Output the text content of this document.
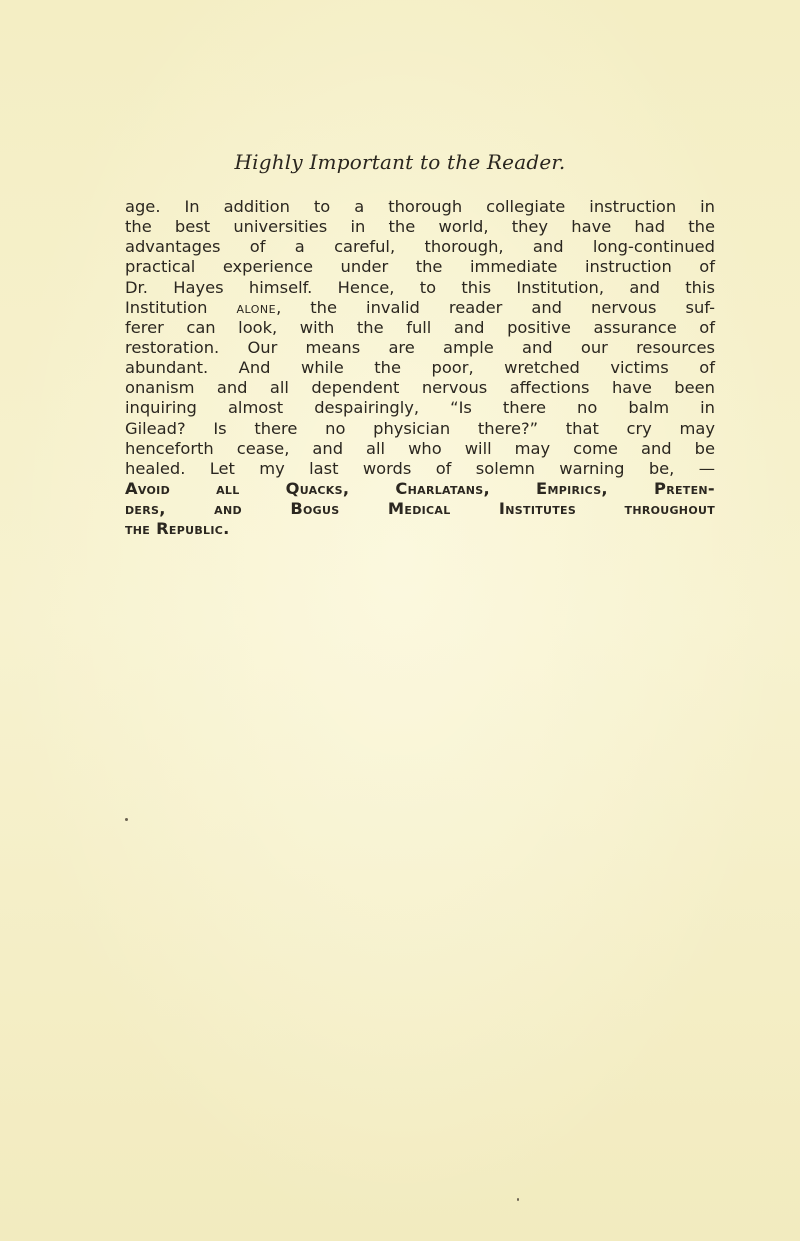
Highly Important to the Reader.
age. In addition to a thorough collegiate instruction in
the best universities in the world, they have had the
advantages of a careful, thorough, and long-continued
practical experience under the immediate instruction of
Dr. Hayes himself. Hence, to this Institution, and this
Institution alone, the invalid reader and nervous suf-
ferer can look, with the full and positive assurance of
restoration. Our means are ample and our resources
abundant. And while the poor, wretched victims of
onanism and all dependent nervous affections have been
inquiring almost despairingly, “Is there no balm in
Gilead? Is there no physician there?” that cry may
henceforth cease, and all who will may come and be
healed. Let my last words of solemn warning be, —
Avoid all Quacks, Charlatans, Empirics, Preten-
ders, and Bogus Medical Institutes throughout
the Republic.
